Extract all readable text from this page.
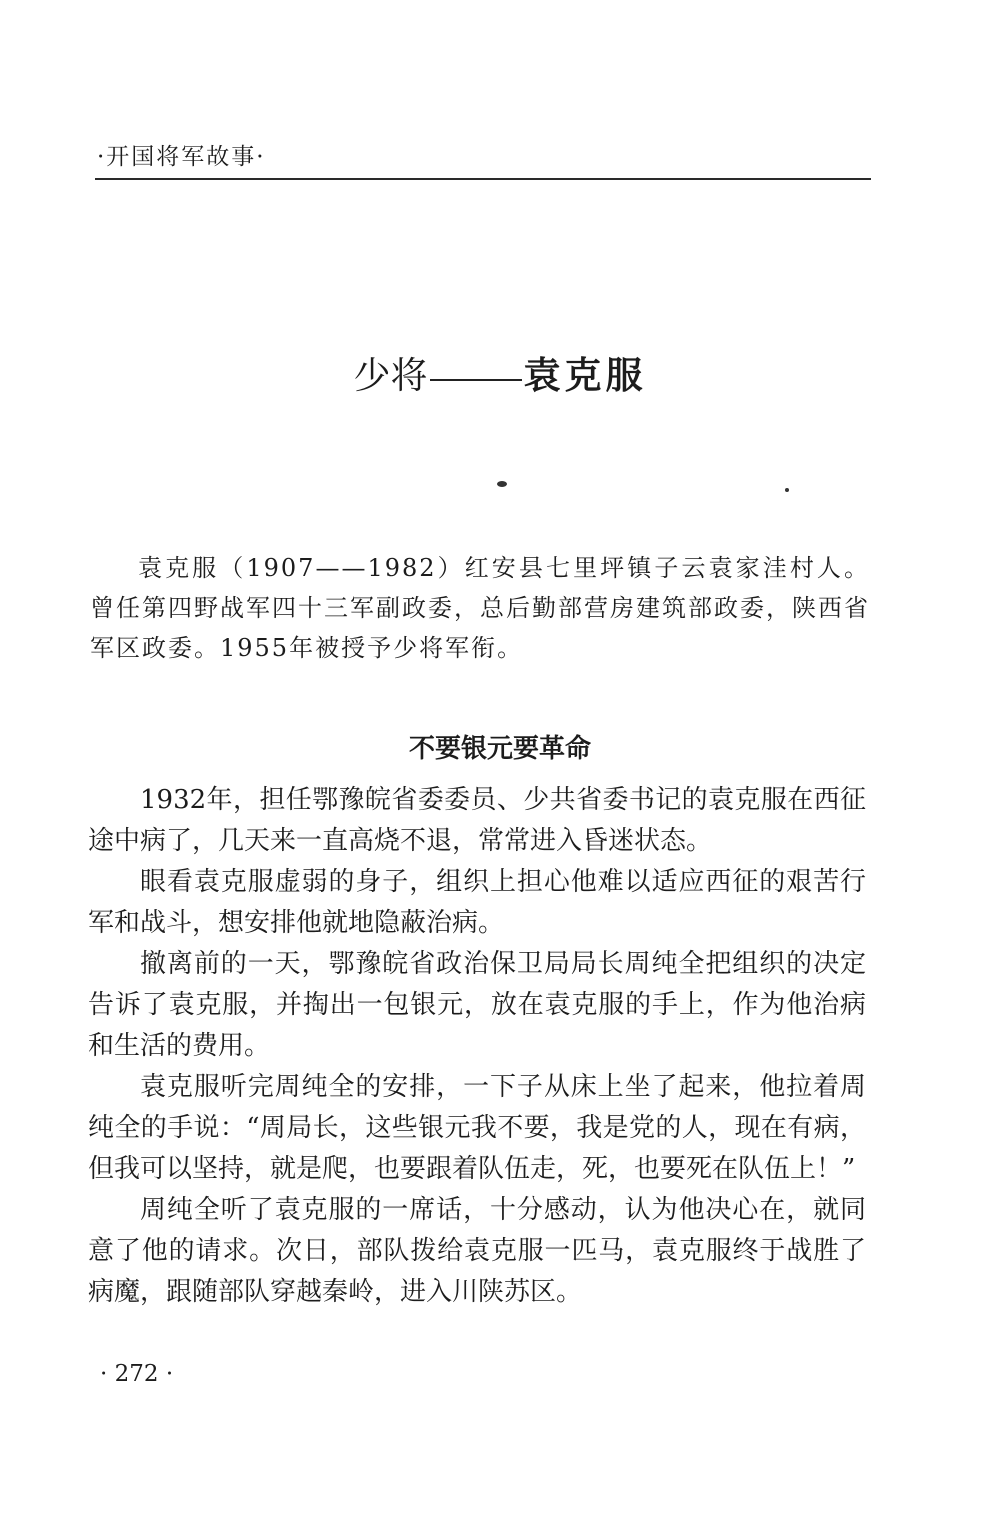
·开国将军故事·
少将	袁克服
袁克服（1907——1982）红安县七里坪镇子云袁家洼村人。曾任第四野战军四十三军副政委，总后勤部营房建筑部政委，陕西省军区政委。1955年被授予少将军衔。
不要银元要革命

1932年，担任鄂豫皖省委委员、少共省委书记的袁克服在西征途中病了，几天来一直高烧不退，常常进入昏迷状态。

眼看袁克服虚弱的身子，组织上担心他难以适应西征的艰苦行军和战斗，想安排他就地隐蔽治病。

撤离前的一天，鄂豫皖省政治保卫局局长周纯全把组织的决定告诉了袁克服，并掏出一包银元，放在袁克服的手上，作为他治病和生活的费用。

袁克服听完周纯全的安排，一下子从床上坐了起来，他拉着周纯全的手说：“周局长，这些银元我不要，我是党的人，现在有病，但我可以坚持，就是爬，也要跟着队伍走，死，也要死在队伍上！”

周纯全听了袁克服的一席话，十分感动，认为他决心在，就同意了他的请求。次日，部队拨给袁克服一匹马，袁克服终于战胜了病魔，跟随部队穿越秦岭，进入川陕苏区。

· 272 ·
